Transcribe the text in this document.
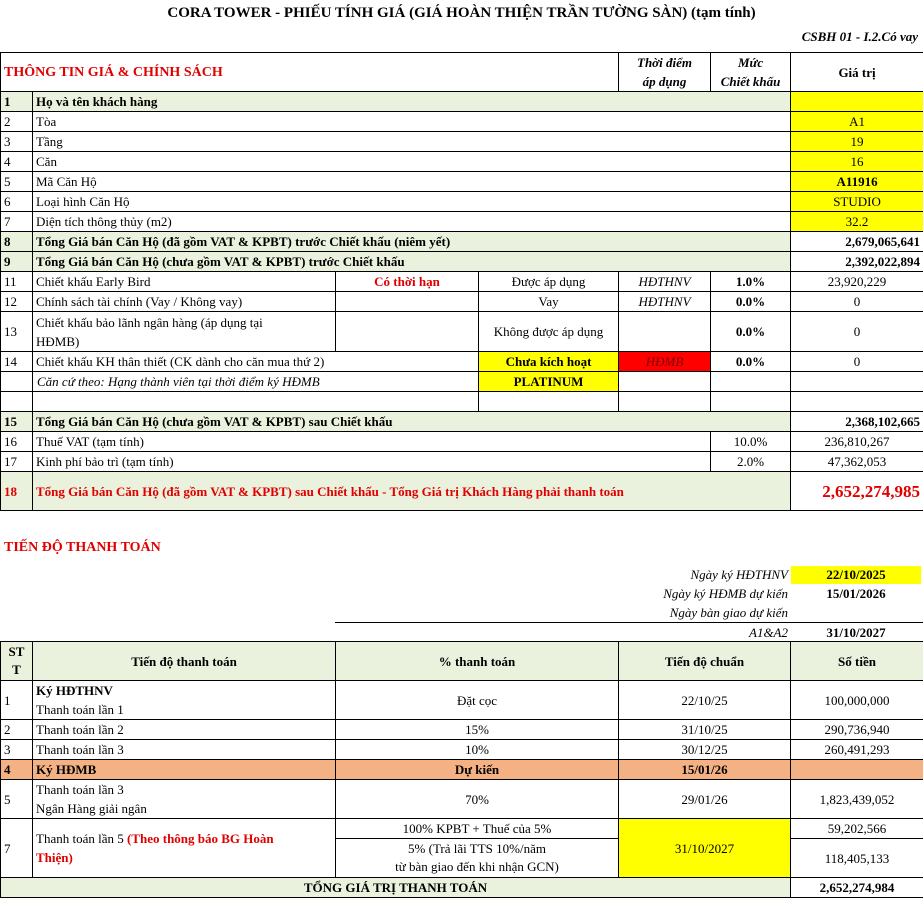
CORA TOWER - PHIẾU TÍNH GIÁ (GIÁ HOÀN THIỆN TRẦN TƯỜNG SÀN) (tạm tính)
CSBH 01 - I.2.Có vay
THÔNG TIN GIÁ & CHÍNH SÁCH				Thời điểm	Mức	Giá trị
				áp dụng	Chiết khấu	
1	Họ và tên khách hàng					
2	Tòa					A1
3	Tầng					19
4	Căn					16
5	Mã Căn Hộ					A11916
6	Loại hình Căn Hộ					STUDIO
7	Diện tích thông thủy (m2)					32.2
8	Tổng Giá bán Căn Hộ (đã gồm VAT & KPBT) trước Chiết khấu (niêm yết)					2,679,065,641
9	Tổng Giá bán Căn Hộ (chưa gồm VAT & KPBT) trước Chiết khấu					2,392,022,894
11	Chiết khấu Early Bird	Có thời hạn	Được áp dụng	HĐTHNV	1.0%	23,920,229
12	Chính sách tài chính (Vay / Không vay)		Vay	HĐTHNV	0.0%	0
13	Chiết khấu bảo lãnh ngân hàng (áp dụng tại
HĐMB)		Không được áp dụng		0.0%	0
14	Chiết khấu KH thân thiết (CK dành cho căn mua thứ 2)		Chưa kích hoạt	HĐMB	0.0%	0
	Căn cứ theo: Hạng thành viên tại thời điểm ký HĐMB		PLATINUM			

15	Tổng Giá bán Căn Hộ (chưa gồm VAT & KPBT) sau Chiết khấu					2,368,102,665
16	Thuế VAT (tạm tính)				10.0%	236,810,267
17	Kinh phí bảo trì (tạm tính)				2.0%	47,362,053
18	Tổng Giá bán Căn Hộ (đã gồm VAT & KPBT) sau Chiết khấu - Tổng Giá trị Khách Hàng phải thanh toán					2,652,274,985
TIẾN ĐỘ THANH TOÁN
Ngày ký HĐTHNV	22/10/2025
Ngày ký HĐMB dự kiến	15/01/2026
Ngày bàn giao dự kiến
A1&A2	31/10/2027
ST
T	Tiến độ thanh toán	% thanh toán	Tiến độ chuẩn	Số tiền
1	Ký HĐTHNV
Thanh toán lần 1	Đặt cọc	22/10/25	100,000,000
2	Thanh toán lần 2	15%	31/10/25	290,736,940
3	Thanh toán lần 3	10%	30/12/25	260,491,293
4	Ký HĐMB	Dự kiến	15/01/26	
5	Thanh toán lần 3
Ngân Hàng giải ngân	70%	29/01/26	1,823,439,052
7	Thanh toán lần 5 (Theo thông báo BG Hoàn
Thiện)	100% KPBT + Thuế của 5%	31/10/2027	59,202,566

		5% (Trả lãi TTS 10%/năm
từ bàn giao đến khi nhận GCN)		118,405,133
TỔNG GIÁ TRỊ THANH TOÁN				2,652,274,984
